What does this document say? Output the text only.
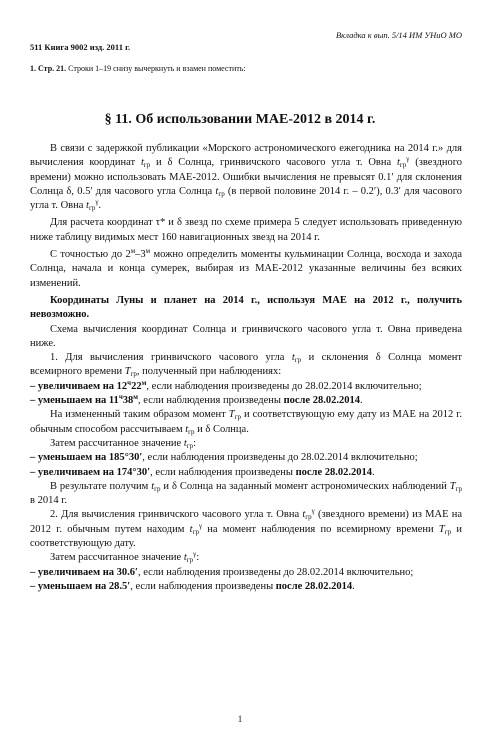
Вкладка к вып. 5/14 ИМ УНиО МО
511 Книга 9002 изд. 2011 г.
1. Стр. 21. Строки 1–19 снизу вычеркнуть и взамен поместить:
§ 11. Об использовании МАЕ-2012 в 2014 г.

В связи с задержкой публикации «Морского астрономического ежегодника на 2014 г.» для вычисления координат $t_{гр}$ и δ Солнца, гринвичского часового угла т. Овна $t_{гр}^\gamma$ (звездного времени) можно использовать МАЕ-2012. Ошибки вычисления не превысят 0.1′ для склонения Солнца δ, 0.5′ для часового угла Солнца $t_{гр}$ (в первой половине 2014 г. – 0.2′), 0.3′ для часового угла т. Овна $t_{гр}^\gamma$.

Для расчета координат τ* и δ звезд по схеме примера 5 следует использовать приведенную ниже таблицу видимых мест 160 навигационных звезд на 2014 г.

С точностью до $2^м-3^м$ можно определить моменты кульминации Солнца, восхода и захода Солнца, начала и конца сумерек, выбирая из МАЕ-2012 указанные величины без всяких изменений.

Координаты Луны и планет на 2014 г., используя МАЕ на 2012 г., получить невозможно.

Схема вычисления координат Солнца и гринвичского часового угла т. Овна приведена ниже.

1. Для вычисления гринвичского часового угла $t_{гр}$ и склонения δ Солнца момент всемирного времени $T_{гр}$, полученный при наблюдениях:

– увеличиваем на $12^ч22^м$, если наблюдения произведены до 28.02.2014 включительно;

– уменьшаем на $11^ч38^м$, если наблюдения произведены после 28.02.2014.

На измененный таким образом момент $T_{гр}$ и соответствующую ему дату из МАЕ на 2012 г. обычным способом рассчитываем $t_{гр}$ и δ Солнца.

Затем рассчитанное значение $t_{гр}$:

– уменьшаем на 185°30′, если наблюдения произведены до 28.02.2014 включительно;

– увеличиваем на 174°30′, если наблюдения произведены после 28.02.2014.

В результате получим $t_{гр}$ и δ Солнца на заданный момент астрономических наблюдений $T_{гр}$ в 2014 г.

2. Для вычисления гринвичского часового угла т. Овна $t_{гр}^\gamma$ (звездного времени) из МАЕ на 2012 г. обычным путем находим $t_{гр}^\gamma$ на момент наблюдения по всемирному времени $T_{гр}$ и соответствующую дату.

Затем рассчитанное значение $t_{гр}^\gamma$:

– увеличиваем на 30.6′, если наблюдения произведены до 28.02.2014 включительно;

– уменьшаем на 28.5′, если наблюдения произведены после 28.02.2014.

1
